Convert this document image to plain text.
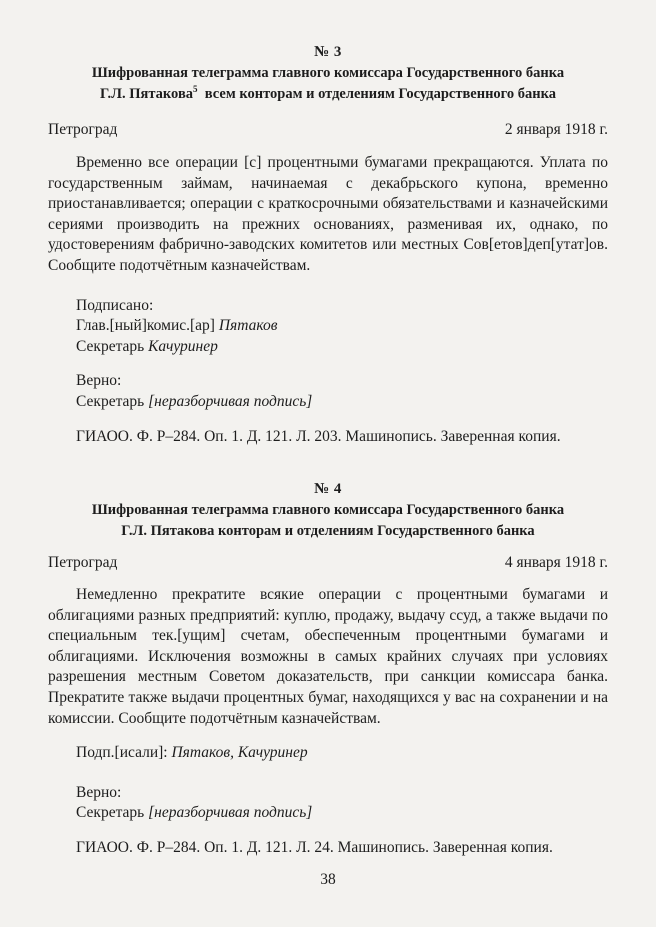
№ 3
Шифрованная телеграмма главного комиссара Государственного банка
Г.Л. Пятакова$^5$ всем конторам и отделениям Государственного банка
Петроград	2 января 1918 г.
Временно все операции [с] процентными бумагами прекращаются. Уплата по государственным займам, начинаемая с декабрьского купона, временно приостанавливается; операции с краткосрочными обязательствами и казначейскими сериями производить на прежних основаниях, разменивая их, однако, по удостоверениям фабрично-заводских комитетов или местных Сов[етов]деп[утат]ов. Сообщите подотчётным казначействам.
Подписано:
Глав.[ный]комис.[ар] Пятаков
Секретарь Качуринер
Верно:
Секретарь [неразборчивая подпись]
ГИАОО. Ф. Р–284. Оп. 1. Д. 121. Л. 203. Машинопись. Заверенная копия.
№ 4
Шифрованная телеграмма главного комиссара Государственного банка
Г.Л. Пятакова конторам и отделениям Государственного банка
Петроград	4 января 1918 г.
Немедленно прекратите всякие операции с процентными бумагами и облигациями разных предприятий: куплю, продажу, выдачу ссуд, а также выдачи по специальным тек.[ущим] счетам, обеспеченным процентными бумагами и облигациями. Исключения возможны в самых крайних случаях при условиях разрешения местным Советом доказательств, при санкции комиссара банка. Прекратите также выдачи процентных бумаг, находящихся у вас на сохранении и на комиссии. Сообщите подотчётным казначействам.
Подп.[исали]: Пятаков, Качуринер
Верно:
Секретарь [неразборчивая подпись]
ГИАОО. Ф. Р–284. Оп. 1. Д. 121. Л. 24. Машинопись. Заверенная копия.
38
